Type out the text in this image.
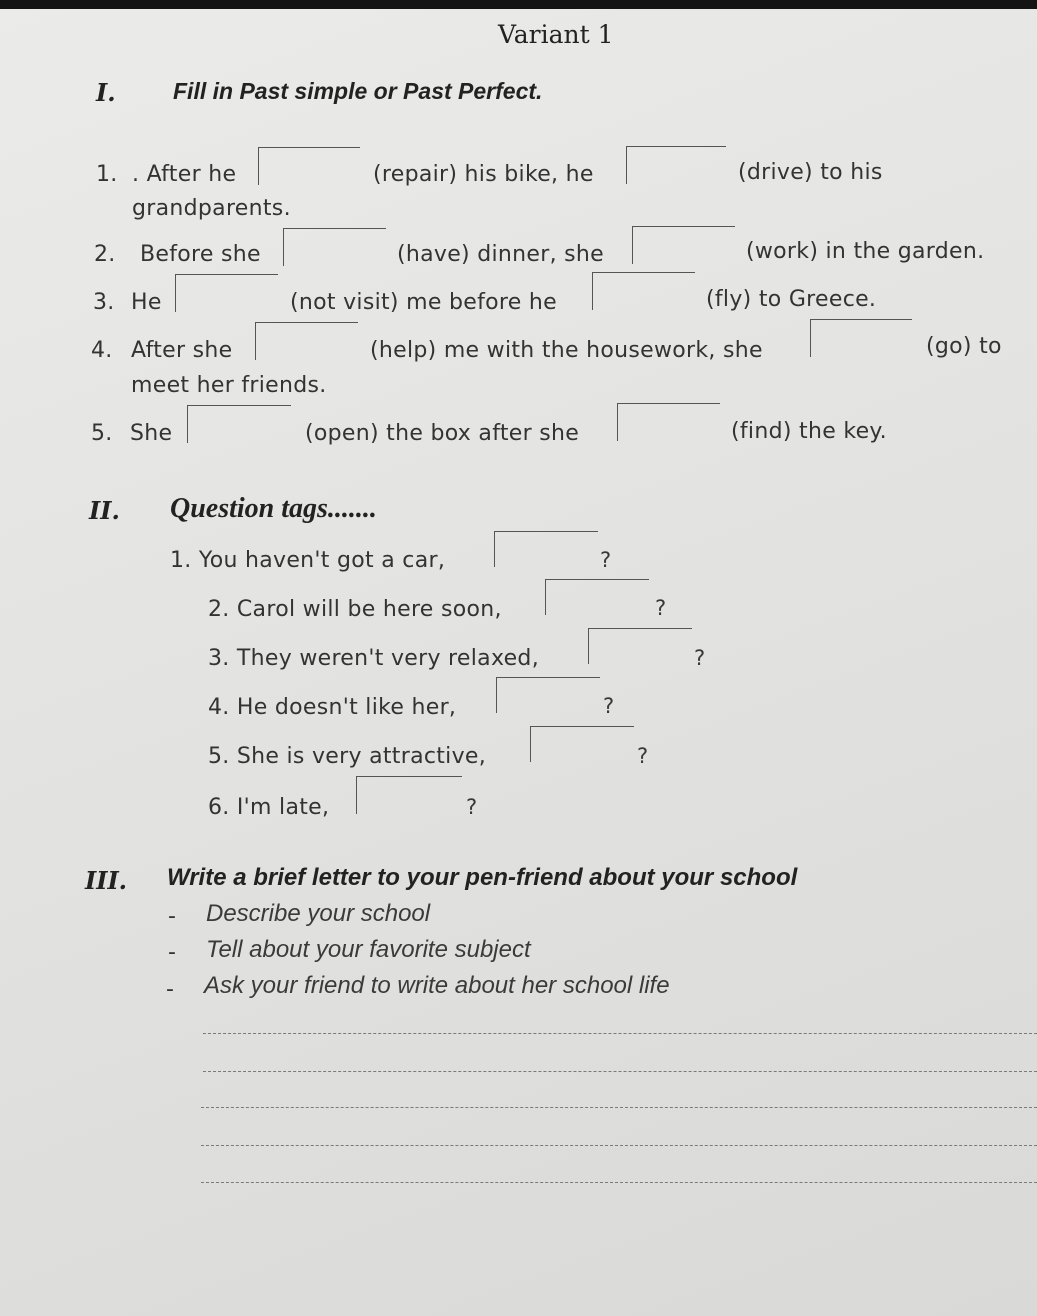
Variant 1
I. Fill in Past simple or Past Perfect.
1. . After he	(repair) his bike, he	(drive) to his
grandparents.
2. Before she	(have) dinner, she	(work) in the garden.
3. He	(not visit) me before he	(fly) to Greece.
4. After she	(help) me with the housework, she	(go) to
meet her friends.
5. She	(open) the box after she	(find) the key.
II. Question tags.......
1. You haven't got a car,	?
2. Carol will be here soon,	?
3. They weren't very relaxed,	?
4. He doesn't like her,	?
5. She is very attractive,	?
6. I'm late,	?
III. Write a brief letter to your pen-friend about your school
- Describe your school
- Tell about your favorite subject
- Ask your friend to write about her school life
